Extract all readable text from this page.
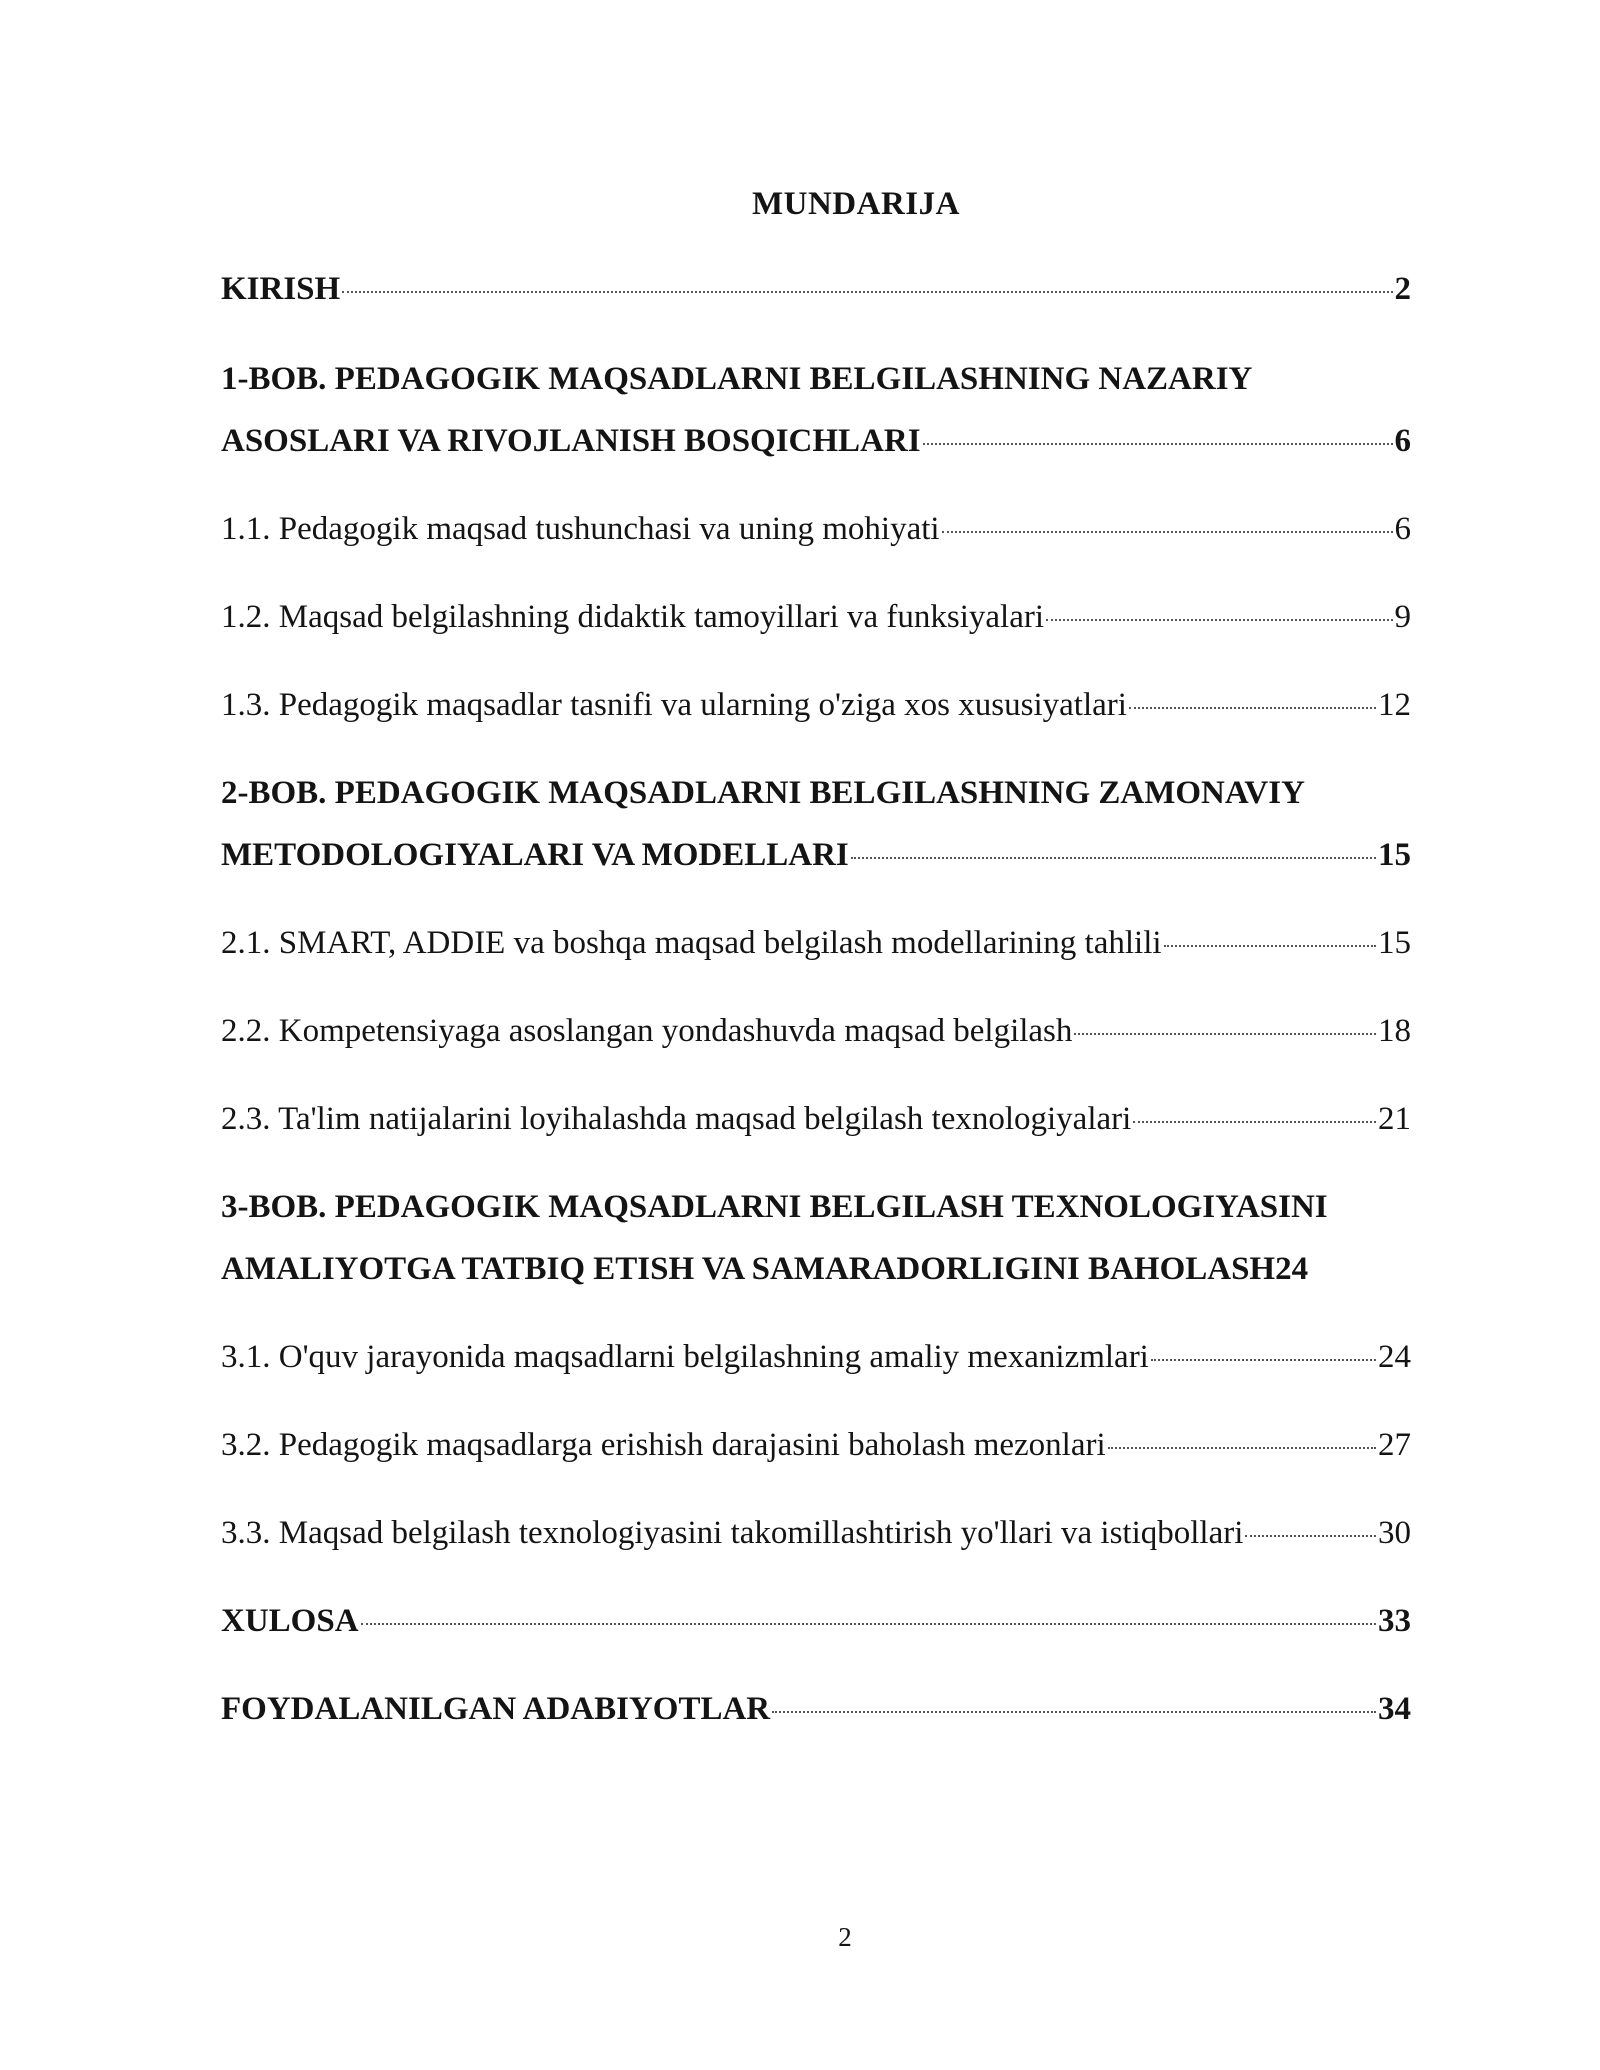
MUNDARIJA
KIRISH	2
1-BOB. PEDAGOGIK MAQSADLARNI BELGILASHNING NAZARIY
ASOSLARI VA RIVOJLANISH BOSQICHLARI	6
1.1. Pedagogik maqsad tushunchasi va uning mohiyati	6
1.2. Maqsad belgilashning didaktik tamoyillari va funksiyalari	9
1.3. Pedagogik maqsadlar tasnifi va ularning o'ziga xos xususiyatlari	12
2-BOB. PEDAGOGIK MAQSADLARNI BELGILASHNING ZAMONAVIY
METODOLOGIYALARI VA MODELLARI	15
2.1. SMART, ADDIE va boshqa maqsad belgilash modellarining tahlili	15
2.2. Kompetensiyaga asoslangan yondashuvda maqsad belgilash	18
2.3. Ta'lim natijalarini loyihalashda maqsad belgilash texnologiyalari	21
3-BOB. PEDAGOGIK MAQSADLARNI BELGILASH TEXNOLOGIYASINI
AMALIYOTGA TATBIQ ETISH VA SAMARADORLIGINI BAHOLASH 24
3.1. O'quv jarayonida maqsadlarni belgilashning amaliy mexanizmlari	24
3.2. Pedagogik maqsadlarga erishish darajasini baholash mezonlari	27
3.3. Maqsad belgilash texnologiyasini takomillashtirish yo'llari va istiqbollari	30
XULOSA	33
FOYDALANILGAN ADABIYOTLAR	34
2
